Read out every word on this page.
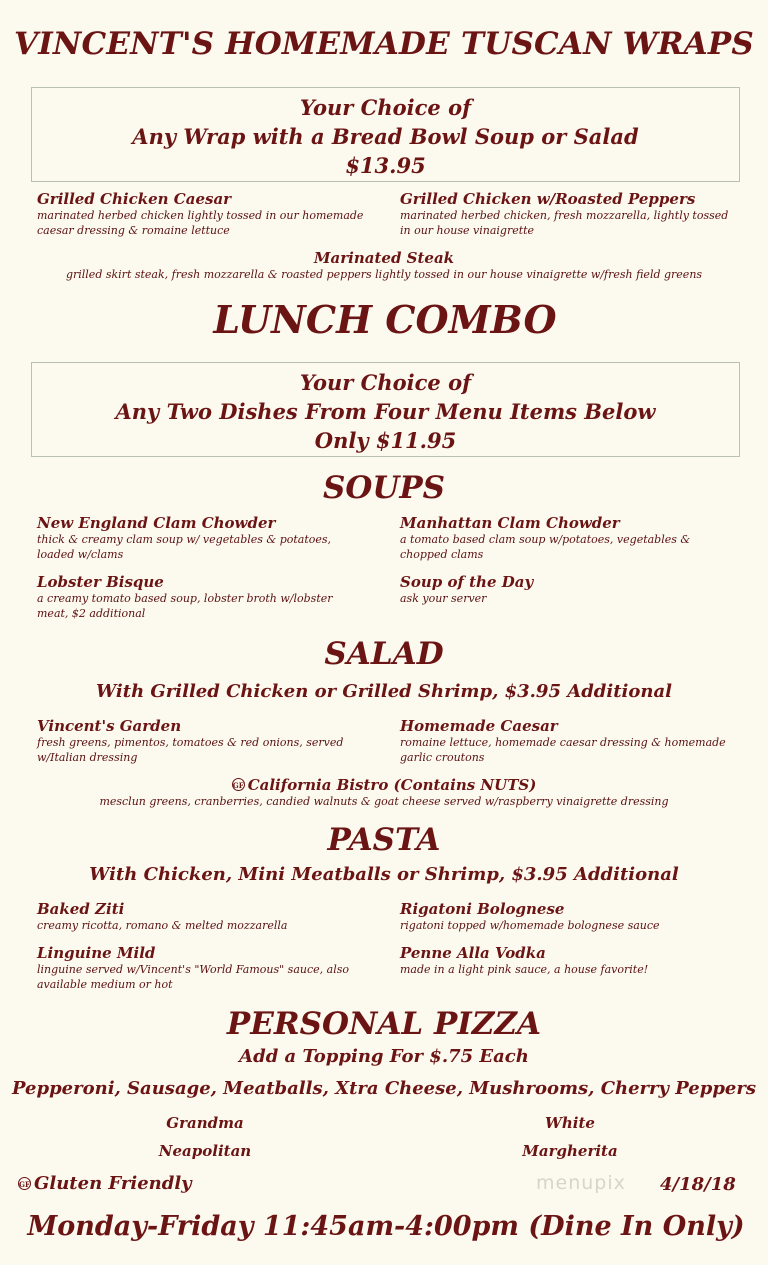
VINCENT'S HOMEMADE TUSCAN WRAPS
Your Choice of
Any Wrap with a Bread Bowl Soup or Salad
$13.95
Grilled Chicken Caesar
marinated herbed chicken lightly tossed in our homemade caesar dressing & romaine lettuce
Grilled Chicken w/Roasted Peppers
marinated herbed chicken, fresh mozzarella, lightly tossed in our house vinaigrette
Marinated Steak
grilled skirt steak, fresh mozzarella & roasted peppers lightly tossed in our house vinaigrette w/fresh field greens
LUNCH COMBO
Your Choice of
Any Two Dishes From Four Menu Items Below
Only $11.95
SOUPS
New England Clam Chowder
thick & creamy clam soup w/ vegetables & potatoes, loaded w/clams
Manhattan Clam Chowder
a tomato based clam soup w/potatoes, vegetables & chopped clams
Lobster Bisque
a creamy tomato based soup, lobster broth w/lobster meat, $2 additional
Soup of the Day
ask your server
SALAD
With Grilled Chicken or Grilled Shrimp, $3.95 Additional
Vincent's Garden
fresh greens, pimentos, tomatoes & red onions, served w/Italian dressing
Homemade Caesar
romaine lettuce, homemade caesar dressing & homemade garlic croutons
GF California Bistro (Contains NUTS)
mesclun greens, cranberries, candied walnuts & goat cheese served w/raspberry vinaigrette dressing
PASTA
With Chicken, Mini Meatballs or Shrimp, $3.95 Additional
Baked Ziti
creamy ricotta, romano & melted mozzarella
Rigatoni Bolognese
rigatoni topped w/homemade bolognese sauce
Linguine Mild
linguine served w/Vincent's "World Famous" sauce, also available medium or hot
Penne Alla Vodka
made in a light pink sauce, a house favorite!
PERSONAL PIZZA
Add a Topping For $.75 Each
Pepperoni, Sausage, Meatballs, Xtra Cheese, Mushrooms, Cherry Peppers
Grandma	White
Neapolitan	Margherita
GF Gluten Friendly	menupix 4/18/18
Monday-Friday 11:45am-4:00pm (Dine In Only)
